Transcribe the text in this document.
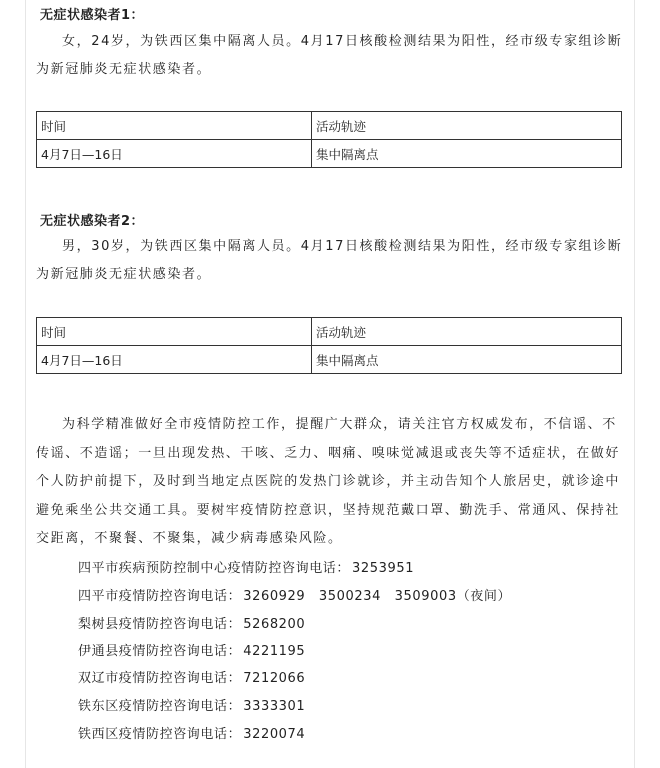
无症状感染者1：
女，24岁，为铁西区集中隔离人员。4月17日核酸检测结果为阳性，经市级专家组诊断为新冠肺炎无症状感染者。
时间	活动轨迹
4月7日—16日	集中隔离点
无症状感染者2：
男，30岁，为铁西区集中隔离人员。4月17日核酸检测结果为阳性，经市级专家组诊断为新冠肺炎无症状感染者。
时间	活动轨迹
4月7日—16日	集中隔离点
为科学精准做好全市疫情防控工作，提醒广大群众，请关注官方权威发布，不信谣、不传谣、不造谣；一旦出现发热、干咳、乏力、咽痛、嗅味觉减退或丧失等不适症状，在做好个人防护前提下，及时到当地定点医院的发热门诊就诊，并主动告知个人旅居史，就诊途中避免乘坐公共交通工具。要树牢疫情防控意识，坚持规范戴口罩、勤洗手、常通风、保持社交距离，不聚餐、不聚集，减少病毒感染风险。
四平市疾病预防控制中心疫情防控咨询电话： 3253951
四平市疫情防控咨询电话： 3260929　3500234　3509003（夜间）
梨树县疫情防控咨询电话： 5268200
伊通县疫情防控咨询电话： 4221195
双辽市疫情防控咨询电话： 7212066
铁东区疫情防控咨询电话： 3333301
铁西区疫情防控咨询电话： 3220074
